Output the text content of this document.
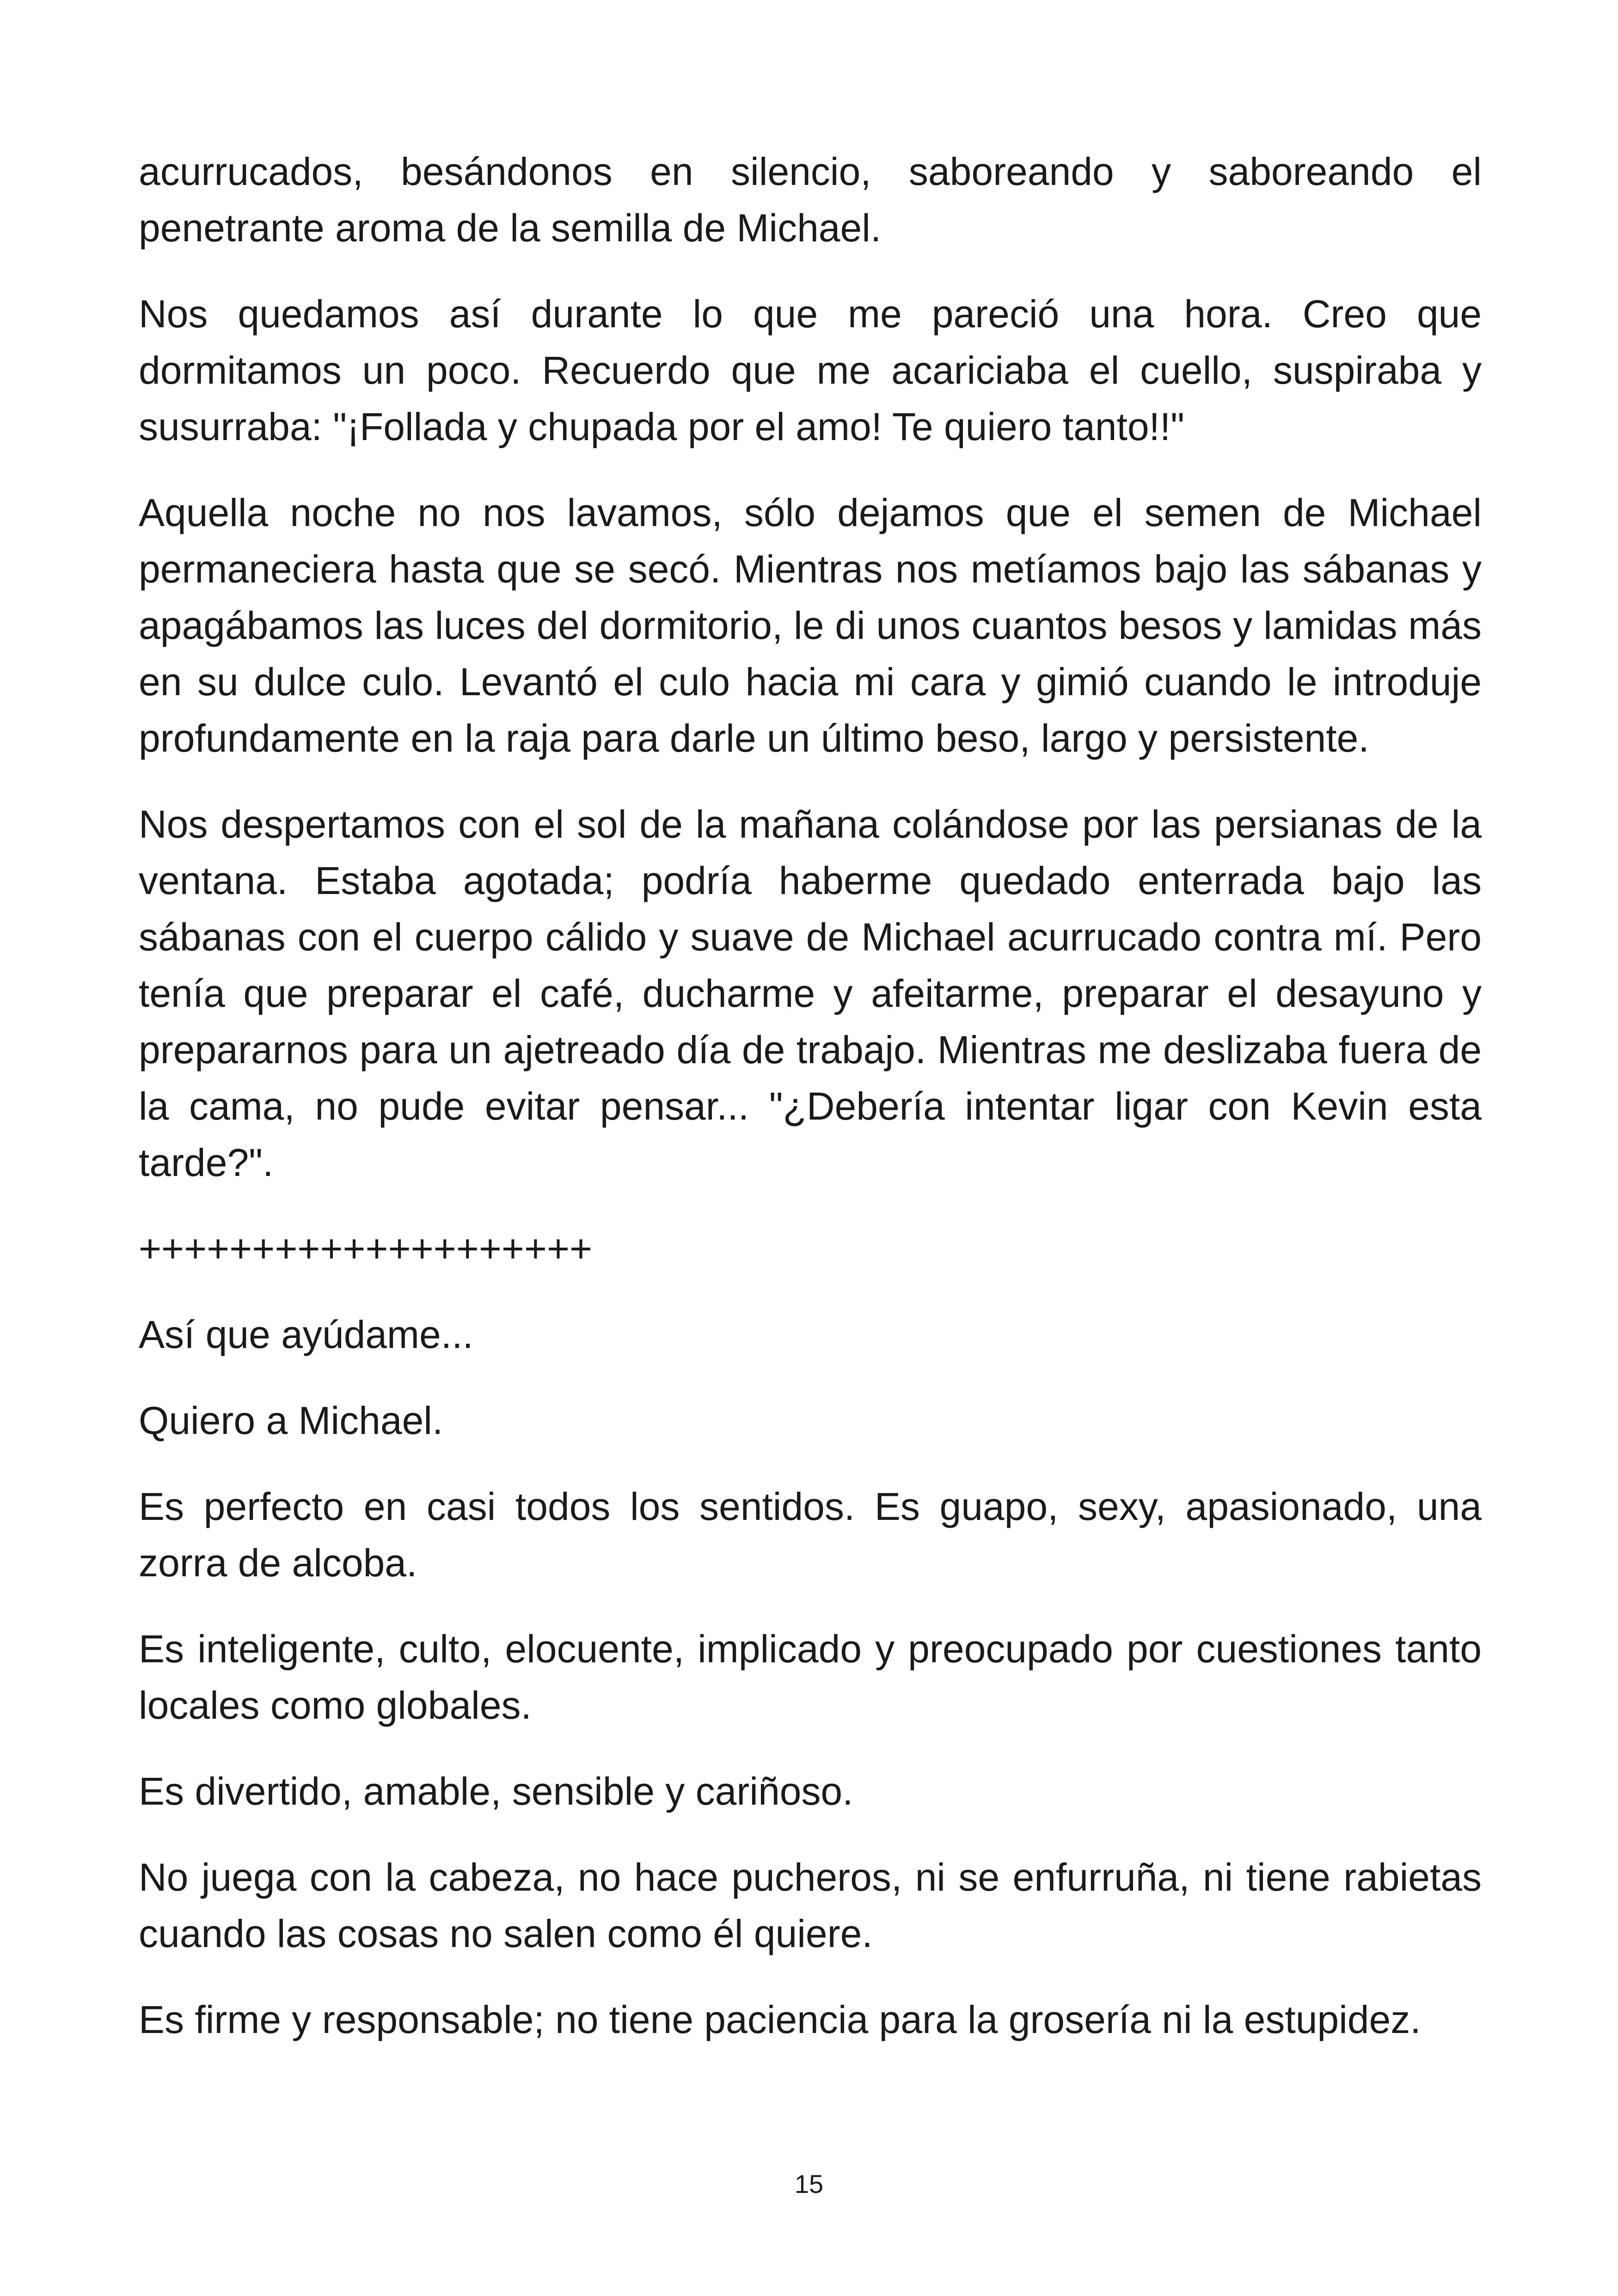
acurrucados, besándonos en silencio, saboreando y saboreando el penetrante aroma de la semilla de Michael.

Nos quedamos así durante lo que me pareció una hora. Creo que dormitamos un poco. Recuerdo que me acariciaba el cuello, suspiraba y susurraba: "¡Follada y chupada por el amo! Te quiero tanto!!"

Aquella noche no nos lavamos, sólo dejamos que el semen de Michael permaneciera hasta que se secó. Mientras nos metíamos bajo las sábanas y apagábamos las luces del dormitorio, le di unos cuantos besos y lamidas más en su dulce culo. Levantó el culo hacia mi cara y gimió cuando le introduje profundamente en la raja para darle un último beso, largo y persistente.

Nos despertamos con el sol de la mañana colándose por las persianas de la ventana. Estaba agotada; podría haberme quedado enterrada bajo las sábanas con el cuerpo cálido y suave de Michael acurrucado contra mí. Pero tenía que preparar el café, ducharme y afeitarme, preparar el desayuno y prepararnos para un ajetreado día de trabajo. Mientras me deslizaba fuera de la cama, no pude evitar pensar... "¿Debería intentar ligar con Kevin esta tarde?".

++++++++++++++++++++

Así que ayúdame...

Quiero a Michael.

Es perfecto en casi todos los sentidos. Es guapo, sexy, apasionado, una zorra de alcoba.

Es inteligente, culto, elocuente, implicado y preocupado por cuestiones tanto locales como globales.

Es divertido, amable, sensible y cariñoso.

No juega con la cabeza, no hace pucheros, ni se enfurruña, ni tiene rabietas cuando las cosas no salen como él quiere.

Es firme y responsable; no tiene paciencia para la grosería ni la estupidez.

15
